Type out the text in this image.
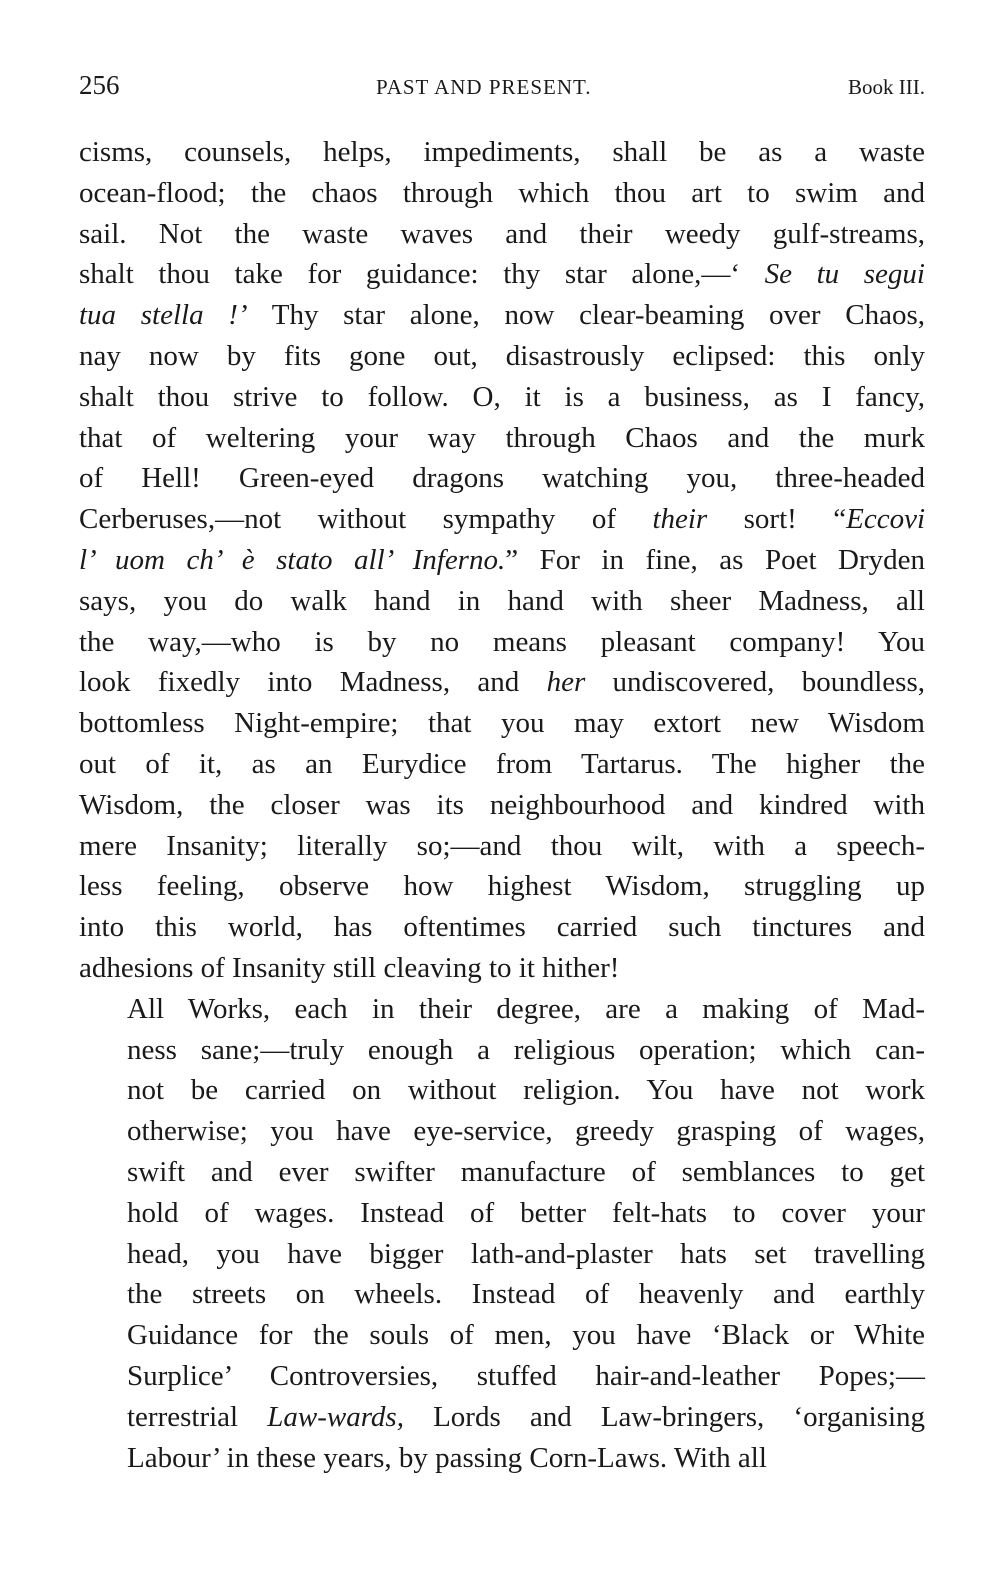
256	PAST AND PRESENT.	Book III.

cisms, counsels, helps, impediments, shall be as a waste
ocean-flood; the chaos through which thou art to swim and
sail. Not the waste waves and their weedy gulf-streams,
shalt thou take for guidance: thy star alone,—‘ Se tu segui
tua stella !’ Thy star alone, now clear-beaming over Chaos,
nay now by fits gone out, disastrously eclipsed: this only
shalt thou strive to follow. O, it is a business, as I fancy,
that of weltering your way through Chaos and the murk
of Hell! Green-eyed dragons watching you, three-headed
Cerberuses,—not without sympathy of their sort! “Eccovi
l’ uom ch’ è stato all’ Inferno.” For in fine, as Poet Dryden
says, you do walk hand in hand with sheer Madness, all
the way,—who is by no means pleasant company! You
look fixedly into Madness, and her undiscovered, boundless,
bottomless Night-empire; that you may extort new Wisdom
out of it, as an Eurydice from Tartarus. The higher the
Wisdom, the closer was its neighbourhood and kindred with
mere Insanity; literally so;—and thou wilt, with a speech-
less feeling, observe how highest Wisdom, struggling up
into this world, has oftentimes carried such tinctures and
adhesions of Insanity still cleaving to it hither!

All Works, each in their degree, are a making of Mad-
ness sane;—truly enough a religious operation; which can-
not be carried on without religion. You have not work
otherwise; you have eye-service, greedy grasping of wages,
swift and ever swifter manufacture of semblances to get
hold of wages. Instead of better felt-hats to cover your
head, you have bigger lath-and-plaster hats set travelling
the streets on wheels. Instead of heavenly and earthly
Guidance for the souls of men, you have ‘Black or White
Surplice’ Controversies, stuffed hair-and-leather Popes;—
terrestrial Law-wards, Lords and Law-bringers, ‘organising
Labour’ in these years, by passing Corn-Laws. With all
